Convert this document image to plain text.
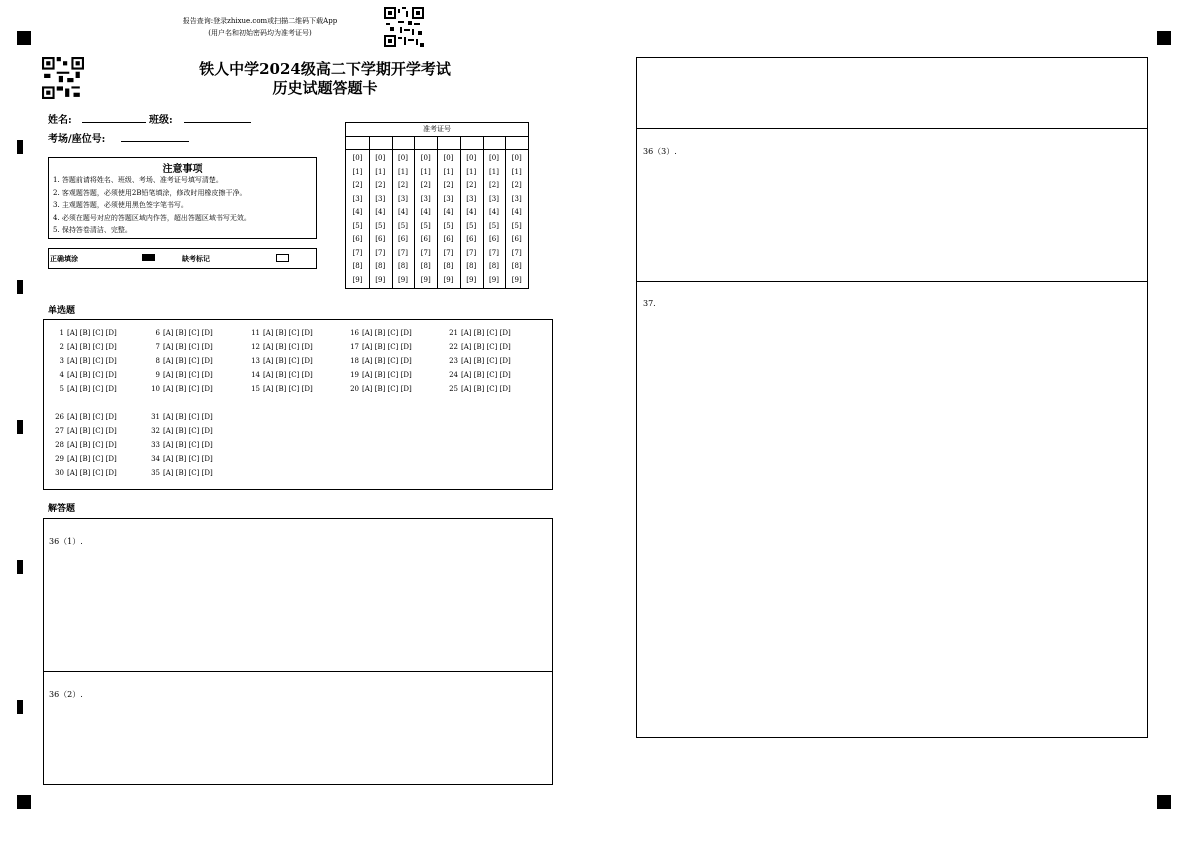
报告查询:登录zhixue.com或扫描二维码下载App
(用户名和初始密码均为准考证号)
铁人中学2024级高二下学期开学考试
历史试题答题卡
姓名:	班级:
考场/座位号:
注意事项
1. 答题前请将姓名、班级、考场、准考证号填写清楚。
2. 客观题答题，必须使用2B铅笔填涂，修改时用橡皮擦干净。
3. 主观题答题，必须使用黑色签字笔书写。
4. 必须在题号对应的答题区域内作答，超出答题区域书写无效。
5. 保持答卷清洁、完整。
正确填涂	缺考标记
准考证号
[0]
[1]
[2]
[3]
[4]
[5]
[6]
[7]
[8]
[9]
[0]
[1]
[2]
[3]
[4]
[5]
[6]
[7]
[8]
[9]
[0]
[1]
[2]
[3]
[4]
[5]
[6]
[7]
[8]
[9]
[0]
[1]
[2]
[3]
[4]
[5]
[6]
[7]
[8]
[9]
[0]
[1]
[2]
[3]
[4]
[5]
[6]
[7]
[8]
[9]
[0]
[1]
[2]
[3]
[4]
[5]
[6]
[7]
[8]
[9]
[0]
[1]
[2]
[3]
[4]
[5]
[6]
[7]
[8]
[9]
[0]
[1]
[2]
[3]
[4]
[5]
[6]
[7]
[8]
[9]
单选题
1 [A] [B] [C] [D]
2 [A] [B] [C] [D]
3 [A] [B] [C] [D]
4 [A] [B] [C] [D]
5 [A] [B] [C] [D]
6 [A] [B] [C] [D]
7 [A] [B] [C] [D]
8 [A] [B] [C] [D]
9 [A] [B] [C] [D]
10 [A] [B] [C] [D]
11 [A] [B] [C] [D]
12 [A] [B] [C] [D]
13 [A] [B] [C] [D]
14 [A] [B] [C] [D]
15 [A] [B] [C] [D]
16 [A] [B] [C] [D]
17 [A] [B] [C] [D]
18 [A] [B] [C] [D]
19 [A] [B] [C] [D]
20 [A] [B] [C] [D]
21 [A] [B] [C] [D]
22 [A] [B] [C] [D]
23 [A] [B] [C] [D]
24 [A] [B] [C] [D]
25 [A] [B] [C] [D]
26 [A] [B] [C] [D]
27 [A] [B] [C] [D]
28 [A] [B] [C] [D]
29 [A] [B] [C] [D]
30 [A] [B] [C] [D]
31 [A] [B] [C] [D]
32 [A] [B] [C] [D]
33 [A] [B] [C] [D]
34 [A] [B] [C] [D]
35 [A] [B] [C] [D]
解答题
36（1）.
36（2）.
36（3）.
37.
